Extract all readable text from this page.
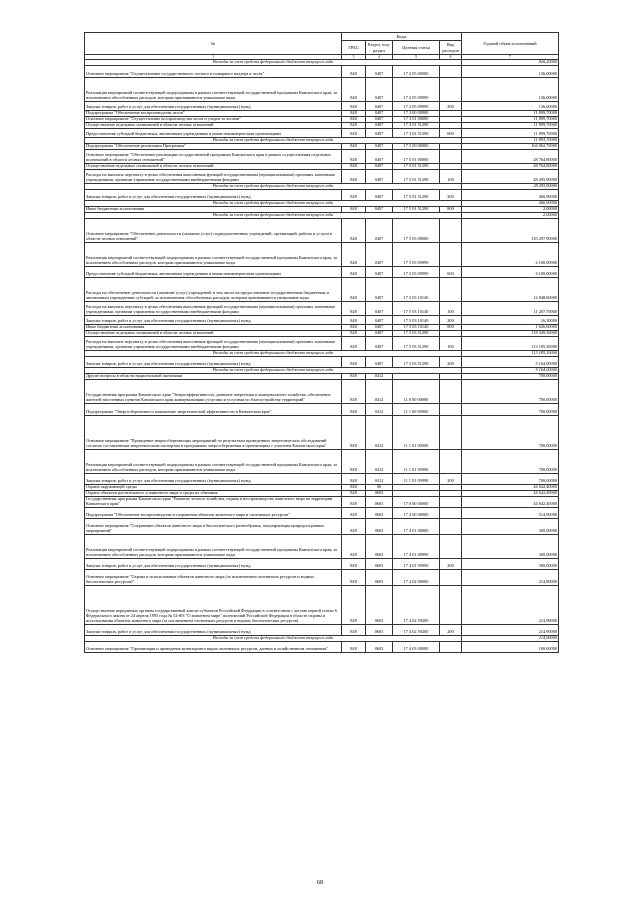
№	Коды				Годовой объем ассигнований
	ГРБС	Раздел, под-раздел	Целевая статья	Вид расходов	
1	3	4	5	6	7
Расходы за счет средств федерального бюджета текущего года					826,20000
Основное мероприятие "Осуществление государственного лесного и пожарного надзора в лесах"	848	0407	17 2 05 00000		136,00000
Реализация мероприятий соответствующей подпрограммы в рамках соответствующей государственной программы Камчатского края, за исключением обособленных расходов, которым присваиваются уникальные коды	848	0407	17 2 05 09990		136,00000
Закупка товаров, работ и услуг для обеспечения государственных (муниципальных) нужд	848	0407	17 2 05 09990	200	136,00000
Подпрограмма "Обеспечение воспроизводства лесов"	848	0407	17 3 00 00000		11 899,70000
Основное мероприятие "Осуществление воспроизводства лесов и уходов за лесами"	848	0407	17 3 01 00000		11 899,70000
Осуществление отдельных полномочий в области лесных отношений	848	0407	17 3 01 51290		11 899,70000
Предоставление субсидий бюджетным, автономным учреждениям и иным некоммерческим организациям	848	0407	17 3 01 51290	600	11 899,70000
Расходы за счет средств федерального бюджета текущего года					11 893,70000
Подпрограмма "Обеспечение реализации Программы"	848	0407	17 5 00 00000		164 062,70000
Основное мероприятие "Обеспечение реализации государственной программы Камчатского края в рамках осуществления отдельных полномочий в области лесных отношений"	848	0407	17 5 01 00000		28 764,80000
Осуществление отдельных полномочий в области лесных отношений	848	0407	17 5 01 51290		28 764,80000
Расходы на выплаты персоналу в целях обеспечения выполнения функций государственными (муниципальными) органами, казенными учреждениями, органами управления государственными внебюджетными фондами	848	0407	17 5 01 51290	100	28 295,90000
Расходы за счет средств федерального бюджета текущего года					28 295,90000
Закупка товаров, работ и услуг для обеспечения государственных (муниципальных) нужд	848	0407	17 5 01 51290	200	466,90000
Расходы за счет средств федерального бюджета текущего года					466,90000
Иные бюджетные ассигнования	848	0407	17 5 01 51290	800	2,00000
Расходы за счет средств федерального бюджета текущего года					2,00000
Основное мероприятие "Обеспечение деятельности (оказание услуг) подведомственных учреждений, организаций, работы и услуги в области лесных отношений"	848	0407	17 5 03 00000		135 297,90000
Реализация мероприятий соответствующей подпрограммы в рамках соответствующей государственной программы Камчатского края, за исключением обособленных расходов, которым присваиваются уникальные коды	848	0407	17 5 03 09990		4 100,00000
Предоставление субсидий бюджетным, автономным учреждениям и иным некоммерческим организациям	848	0407	17 5 03 09990	600	4 100,00000
Расходы на обеспечение деятельности (оказание услуг) учреждений, в том числе на предоставление государственным бюджетным и автономным учреждениям субсидий, за исключением обособленных расходов, которым присваиваются уникальные коды	848	0407	17 5 03 10140		12 848,60000
Расходы на выплаты персоналу в целях обеспечения выполнения функций государственными (муниципальными) органами, казенными учреждениями, органами управления государственными внебюджетными фондами	848	0407	17 5 03 10140	100	11 207,70000
Закупка товаров, работ и услуг для обеспечения государственных (муниципальных) нужд	848	0407	17 5 03 10140	200	16,30000
Иные бюджетные ассигнования	848	0407	17 5 03 10140	800	1 626,60000
Осуществление отдельных полномочий в области лесных отношений	848	0407	17 5 03 51290		118 349,30000
Расходы на выплаты персоналу в целях обеспечения выполнения функций государственными (муниципальными) органами, казенными учреждениями, органами управления государственными внебюджетными фондами	848	0407	17 5 03 51290	100	113 185,30000
Расходы за счет средств федерального бюджета текущего года					113 185,30000
Закупка товаров, работ и услуг для обеспечения государственных (муниципальных) нужд	848	0407	17 5 03 51290	200	5 164,00000
Расходы за счет средств федерального бюджета текущего года					5 164,00000
Другие вопросы в области национальной экономики	848	0412			700,00000
Государственная программа Камчатского края "Энергоэффективность, развитие энергетики и коммунального хозяйства, обеспечение жителей населенных пунктов Камчатского края коммунальными услугами и услугами по благоустройству территорий"	848	0412	11 0 00 00000		700,00000
Подпрограмма "Энергосбережение и повышение энергетической эффективности в Камчатском крае"	848	0412	11 1 00 00000		700,00000
Основное мероприятие "Проведение энергосберегающих мероприятий по результатам проведенных энергетических обследований согласно составленным энергетическим паспортам и программам энергосбережения в организациях с участием Камчатского края"	848	0412	11 1 01 00000		700,00000
Реализация мероприятий соответствующей подпрограммы в рамках соответствующей государственной программы Камчатского края, за исключением обособленных расходов, которым присваиваются уникальные коды	848	0412	11 1 01 09990		700,00000
Закупка товаров, работ и услуг для обеспечения государственных (муниципальных) нужд	848	0412	11 1 01 09990	200	700,00000
Охрана окружающей среды	848	06			44 642,40000
Охрана объектов растительного и животного мира и среды их обитания	848	0603			44 642,40000
Государственная программа Камчатского края "Развитие лесного хозяйства, охрана и воспроизводство животного мира на территории Камчатского края"	848	0603	17 0 00 00000		44 642,40000
Подпрограмма "Обеспечение воспроизводства и сохранения объектов животного мира и охотничьих ресурсов"	848	0603	17 4 00 00000		514,90000
Основное мероприятие "Сохранение объектов животного мира и биологического разнообразия, популяризация природоохранных мероприятий"	848	0603	17 4 01 00000		300,00000
Реализация мероприятий соответствующей подпрограммы в рамках соответствующей государственной программы Камчатского края, за исключением обособленных расходов, которым присваиваются уникальные коды	848	0603	17 4 01 09990		300,00000
Закупка товаров, работ и услуг для обеспечения государственных (муниципальных) нужд	848	0603	17 4 01 09990	200	300,00000
Основное мероприятие "Охрана и использование объектов животного мира (за исключением охотничьих ресурсов и водных биологических ресурсов)"	848	0603	17 4 02 00000		214,90000
Осуществление переданных органам государственной власти субъектов Российской Федерации в соответствии с частью первой статьи 6 Федерального закона от 24 апреля 1995 года № 52-ФЗ "О животном мире" полномочий Российской Федерации в области охраны и использования объектов животного мира (за исключением охотничьих ресурсов и водных биологических ресурсов)	848	0603	17 4 02 59200		214,90000
Закупка товаров, работ и услуг для обеспечения государственных (муниципальных) нужд	848	0603	17 4 02 59200	200	214,90000
Расходы за счет средств федерального бюджета текущего года					214,90000
Основное мероприятие "Организация и проведение мониторинга видов охотничьих ресурсов, данных в хозяйственном отношении"	848	0603	17 4 03 00000		100,00000
68
